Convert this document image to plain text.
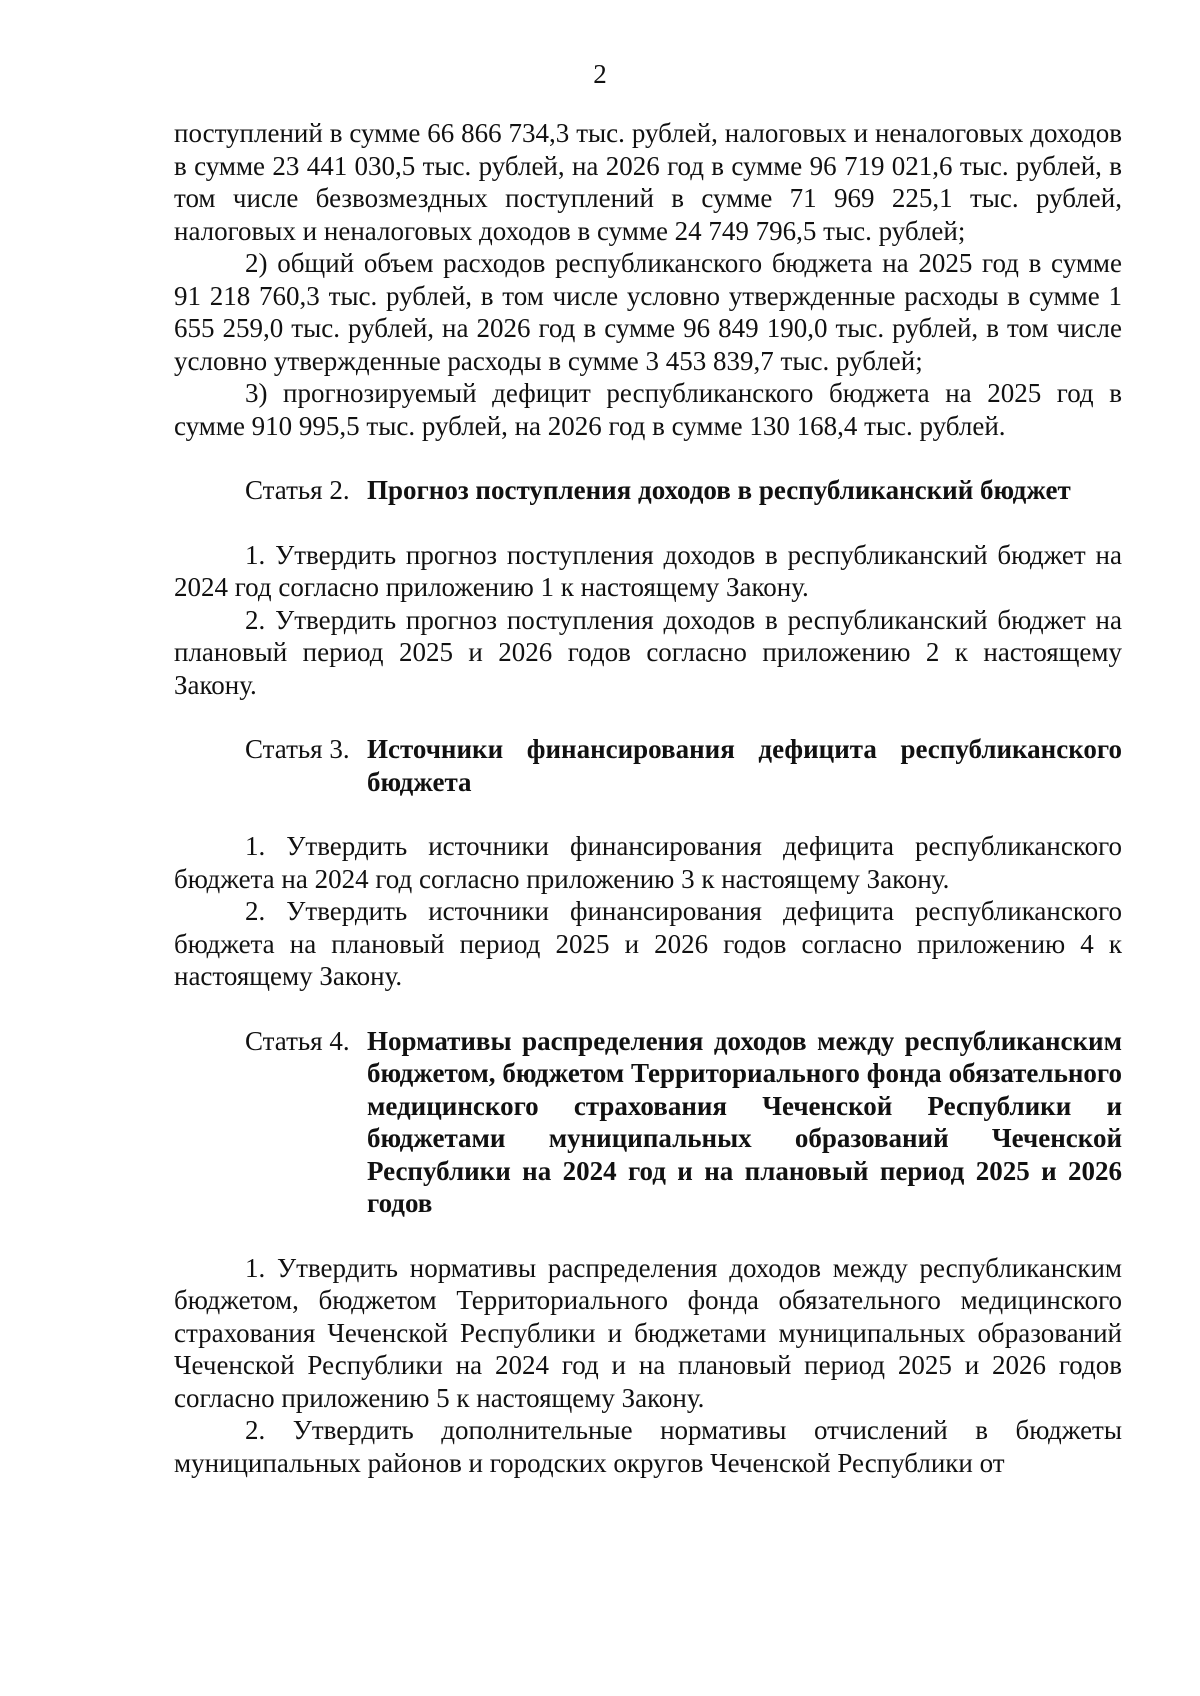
2

поступлений в сумме 66 866 734,3 тыс. рублей, налоговых и неналоговых доходов в сумме 23 441 030,5 тыс. рублей, на 2026 год в сумме 96 719 021,6 тыс. рублей, в том числе безвозмездных поступлений в сумме 71 969 225,1 тыс. рублей, налоговых и неналоговых доходов в сумме 24 749 796,5 тыс. рублей;

2) общий объем расходов республиканского бюджета на 2025 год в сумме 91 218 760,3 тыс. рублей, в том числе условно утвержденные расходы в сумме 1 655 259,0 тыс. рублей, на 2026 год в сумме 96 849 190,0 тыс. рублей, в том числе условно утвержденные расходы в сумме 3 453 839,7 тыс. рублей;

3) прогнозируемый дефицит республиканского бюджета на 2025 год в сумме 910 995,5 тыс. рублей, на 2026 год в сумме 130 168,4 тыс. рублей.

Статья 2. Прогноз поступления доходов в республиканский бюджет

1. Утвердить прогноз поступления доходов в республиканский бюджет на 2024 год согласно приложению 1 к настоящему Закону.

2. Утвердить прогноз поступления доходов в республиканский бюджет на плановый период 2025 и 2026 годов согласно приложению 2 к настоящему Закону.

Статья 3. Источники финансирования дефицита республиканского бюджета

1. Утвердить источники финансирования дефицита республиканского бюджета на 2024 год согласно приложению 3 к настоящему Закону.

2. Утвердить источники финансирования дефицита республиканского бюджета на плановый период 2025 и 2026 годов согласно приложению 4 к настоящему Закону.

Статья 4. Нормативы распределения доходов между республиканским бюджетом, бюджетом Территориального фонда обязательного медицинского страхования Чеченской Республики и бюджетами муниципальных образований Чеченской Республики на 2024 год и на плановый период 2025 и 2026 годов

1. Утвердить нормативы распределения доходов между республиканским бюджетом, бюджетом Территориального фонда обязательного медицинского страхования Чеченской Республики и бюджетами муниципальных образований Чеченской Республики на 2024 год и на плановый период 2025 и 2026 годов согласно приложению 5 к настоящему Закону.

2. Утвердить дополнительные нормативы отчислений в бюджеты муниципальных районов и городских округов Чеченской Республики от
